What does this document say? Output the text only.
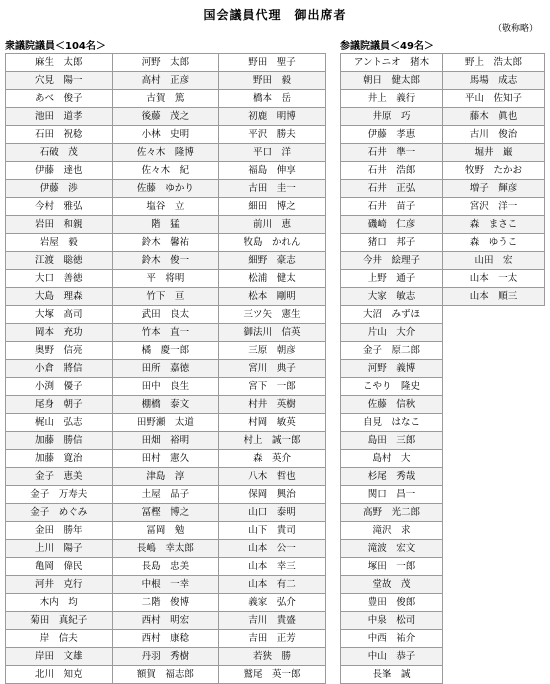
国会議員代理　御出席者
（敬称略）
衆議院議員＜104名＞	参議院議員＜49名＞
麻生　太郎	河野　太郎	野田　聖子
穴見　陽一	高村　正彦	野田　毅
あべ　俊子	古賀　篤	橋本　岳
池田　道孝	後藤　茂之	初鹿　明博
石田　祝稔	小林　史明	平沢　勝夫
石破　茂	佐々木　隆博	平口　洋
伊藤　達也	佐々木　紀	福島　伸享
伊藤　渉	佐藤　ゆかり	古田　圭一
今村　雅弘	塩谷　立	細田　博之
岩田　和親	階　猛	前川　恵
岩屋　毅	鈴木　馨祐	牧島　かれん
江渡　聡徳	鈴木　俊一	細野　豪志
大口　善徳	平　将明	松浦　健太
大島　理森	竹下　亘	松本　剛明
大塚　高司	武田　良太	三ツ矢　憲生
岡本　充功	竹本　直一	御法川　信英
奥野　信亮	橘　慶一郎	三原　朝彦
小倉　將信	田所　嘉徳	宮川　典子
小渕　優子	田中　良生	宮下　一郎
尾身　朝子	棚橋　泰文	村井　英樹
梶山　弘志	田野瀬　太道	村岡　敏英
加藤　勝信	田畑　裕明	村上　誠一郎
加藤　寛治	田村　憲久	森　英介
金子　恵美	津島　淳	八木　哲也
金子　万寿夫	土屋　品子	保岡　興治
金子　めぐみ	冨樫　博之	山口　泰明
金田　勝年	冨岡　勉	山下　貴司
上川　陽子	長嶋　幸太郎	山本　公一
亀岡　偉民	長島　忠美	山本　幸三
河井　克行	中根　一幸	山本　有二
木内　均	二階　俊博	義家　弘介
菊田　真紀子	西村　明宏	吉川　貴盛
岸　信夫	西村　康稔	吉田　正芳
岸田　文雄	丹羽　秀樹	若狭　勝
北川　知克	額賀　福志郎	鷲尾　英一郎
アントニオ　猪木	野上　浩太郎
朝日　健太郎	馬場　成志
井上　義行	平山　佐知子
井原　巧	藤木　眞也
伊藤　孝恵	古川　俊治
石井　準一	堀井　巌
石井　浩郎	牧野　たかお
石井　正弘	増子　輝彦
石井　苗子	宮沢　洋一
磯崎　仁彦	森　まさこ
猪口　邦子	森　ゆうこ
今井　絵理子	山田　宏
上野　通子	山本　一太
大家　敏志	山本　順三
大沼　みずほ	
片山　大介	
金子　原二郎	
河野　義博	
こやり　隆史	
佐藤　信秋	
自見　はなこ	
島田　三郎	
島村　大	
杉尾　秀哉	
関口　昌一	
高野　光二郎	
滝沢　求	
滝波　宏文	
塚田　一郎	
堂故　茂	
豊田　俊郎	
中泉　松司	
中西　祐介	
中山　恭子	
長峯　誠	
